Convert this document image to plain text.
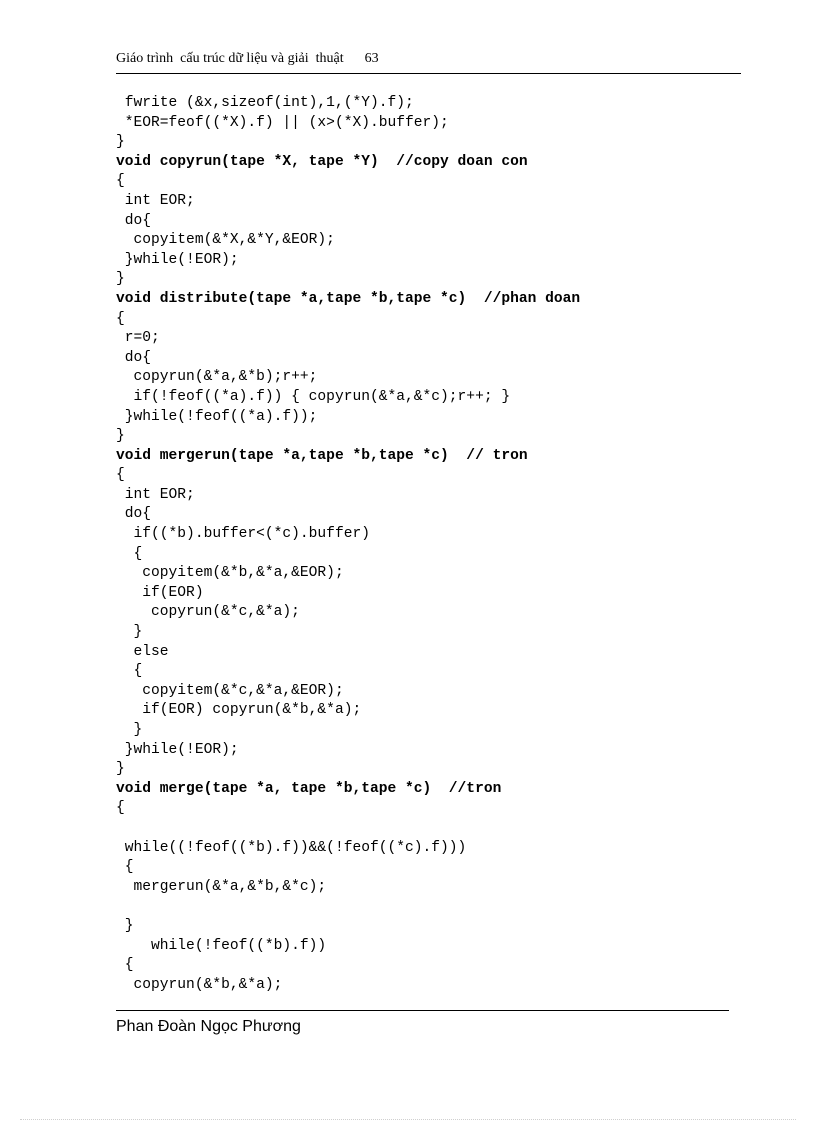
Giáo trình  cấu trúc dữ liệu và giải  thuật 63
fwrite (&x,sizeof(int),1,(*Y).f);
*EOR=feof((*X).f) || (x>(*X).buffer);
}
void copyrun(tape *X, tape *Y)  //copy doan con
{
int EOR;
do{
copyitem(&*X,&*Y,&EOR);
}while(!EOR);
}
void distribute(tape *a,tape *b,tape *c)  //phan doan
{
r=0;
do{
copyrun(&*a,&*b);r++;
if(!feof((*a).f)) { copyrun(&*a,&*c);r++; }
}while(!feof((*a).f));
}
void mergerun(tape *a,tape *b,tape *c)  // tron
{
int EOR;
do{
if((*b).buffer<(*c).buffer)
{
copyitem(&*b,&*a,&EOR);
if(EOR)
copyrun(&*c,&*a);
}
else
{
copyitem(&*c,&*a,&EOR);
if(EOR) copyrun(&*b,&*a);
}
}while(!EOR);
}
void merge(tape *a, tape *b,tape *c)  //tron
{
while((!feof((*b).f))&&(!feof((*c).f)))
{
mergerun(&*a,&*b,&*c);
}
while(!feof((*b).f))
{
copyrun(&*b,&*a);
Phan Đoàn Ngọc Phương
